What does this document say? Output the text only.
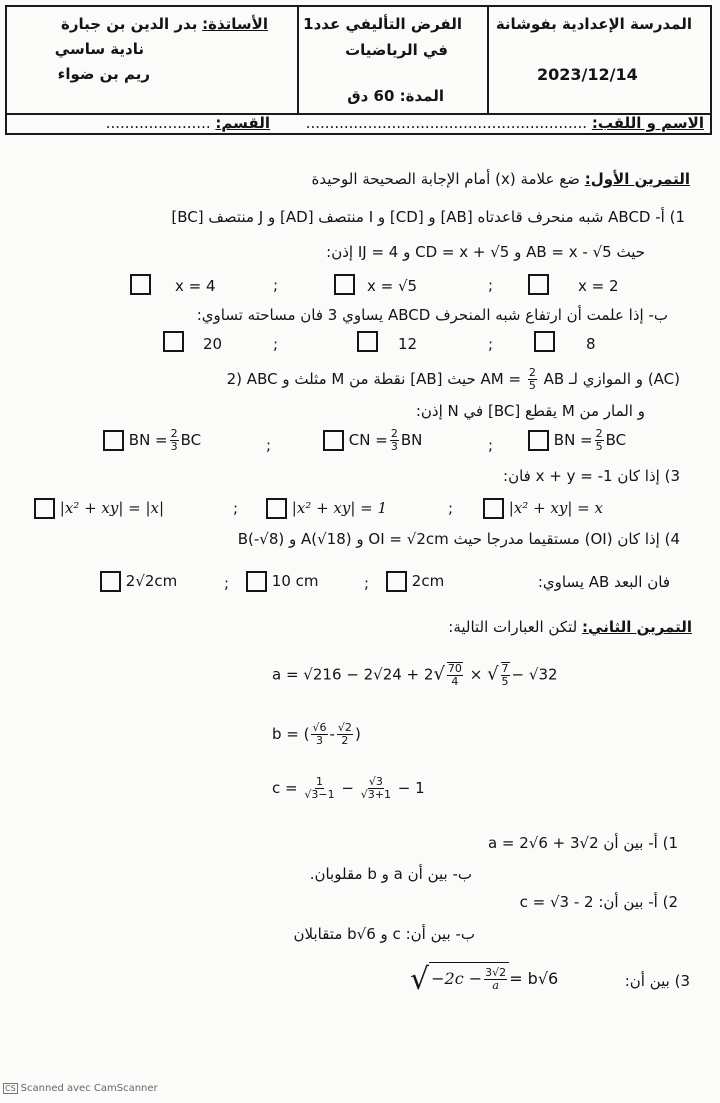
المدرسة الإعدادية بفوشانة
2023/12/14
الفرض التأليفي عدد1
في الرياضيات
المدة: 60 دق
الأساتذة: بدر الدين بن جبارة
نادية ساسي
ريم بن ضواء
الاسم و اللقب: ...........................................................
القسم: ......................
التمرين الأول: ضع علامة (x) أمام الإجابة الصحيحة الوحيدة
1) أ- ABCD شبه منحرف قاعدتاه [AB] و [CD] و I منتصف [AD] و J منتصف [BC]
حيث AB = x - √5 و CD = x + √5 و IJ = 4 إذن:
x = 2
;
x = √5
;
x = 4
ب- إذا علمت أن ارتفاع شبه المنحرف ABCD يساوي 3 فان مساحته تساوي:
8
;
12
;
20
2) ABC مثلث و M نقطة من [AB] حيث AM = $\frac{2}{5}$ AB و الموازي لـ (AC)
و المار من M يقطع [BC] في N إذن:
BN = $\frac{2}{5}$ BC
;
CN = $\frac{2}{3}$ BN
;
BN = $\frac{2}{3}$ BC
3) إذا كان x + y = -1 فان:
|x² + xy| = x
;
|x² + xy| = 1
;
|x² + xy| = |x|
4) إذا كان (OI) مستقيما مدرجا حيث OI = √2cm و A(√18) و B(-√8)
فان البعد AB يساوي:
2cm
;
10 cm
;
2√2cm
التمرين الثاني: لتكن العبارات التالية:
$a = √216 - 2√24 + 2√ \frac{70}{4}$ × √ $\frac{7}{5} - √32$
b = ( $\frac{√6}{3} - \frac{√2}{2}$ )
$c = \frac{1}{√3-1} - \frac{√3}{√3+1} - 1$
1) أ- بين أن a = 2√6 + 3√2
ب- بين أن a و b مقلوبان.
2) أ- بين أن: c = √3 - 2
ب- بين أن: c و b√6 متقابلان
√ $-2c - \frac{3√2}{a} = b√6$	3) بين أن:
CS Scanned avec CamScanner
